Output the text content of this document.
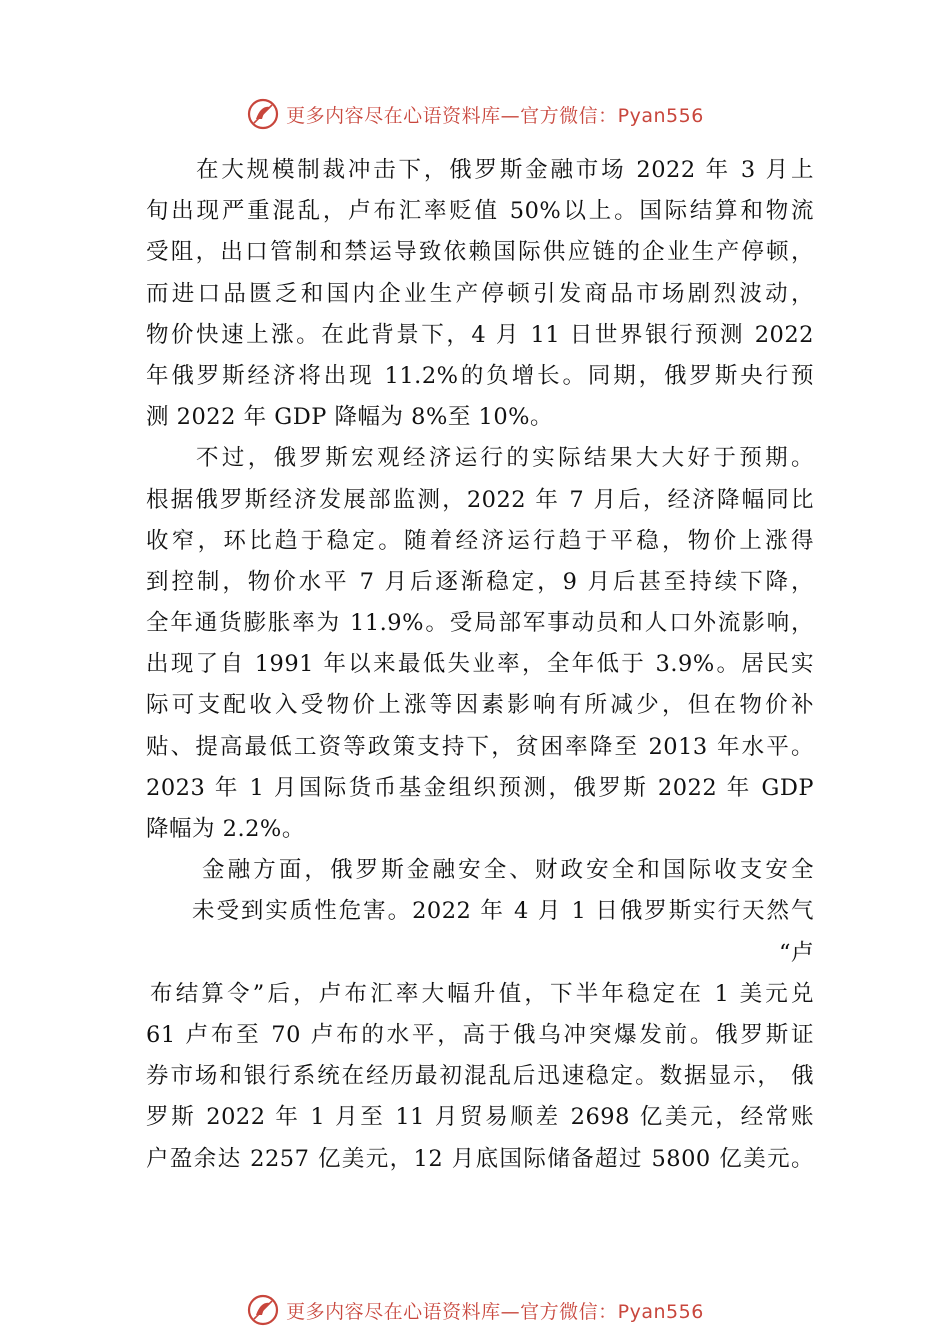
更多内容尽在心语资料库—官方微信：Pyan556
在大规模制裁冲击下，俄罗斯金融市场 2022 年 3 月上
旬出现严重混乱，卢布汇率贬值 50%以上。国际结算和物流
受阻，出口管制和禁运导致依赖国际供应链的企业生产停顿，
而进口品匮乏和国内企业生产停顿引发商品市场剧烈波动，
物价快速上涨。在此背景下，4 月 11 日世界银行预测 2022
年俄罗斯经济将出现 11.2%的负增长。同期，俄罗斯央行预
测 2022 年 GDP 降幅为 8%至 10%。
不过，俄罗斯宏观经济运行的实际结果大大好于预期。
根据俄罗斯经济发展部监测，2022 年 7 月后，经济降幅同比
收窄，环比趋于稳定。随着经济运行趋于平稳，物价上涨得
到控制，物价水平 7 月后逐渐稳定，9 月后甚至持续下降，
全年通货膨胀率为 11.9%。受局部军事动员和人口外流影响，
出现了自 1991 年以来最低失业率，全年低于 3.9%。居民实
际可支配收入受物价上涨等因素影响有所减少，但在物价补
贴、提高最低工资等政策支持下，贫困率降至 2013 年水平。
2023 年 1 月国际货币基金组织预测，俄罗斯 2022 年 GDP
降幅为 2.2%。
金融方面，俄罗斯金融安全、财政安全和国际收支安全
未受到实质性危害。2022 年 4 月 1 日俄罗斯实行天然气
“卢
布结算令”后，卢布汇率大幅升值，下半年稳定在 1 美元兑
61 卢布至 70 卢布的水平，高于俄乌冲突爆发前。俄罗斯证
券市场和银行系统在经历最初混乱后迅速稳定。数据显示， 俄
罗斯 2022 年 1 月至 11 月贸易顺差 2698 亿美元，经常账
户盈余达 2257 亿美元，12 月底国际储备超过 5800 亿美元。
更多内容尽在心语资料库—官方微信：Pyan556
